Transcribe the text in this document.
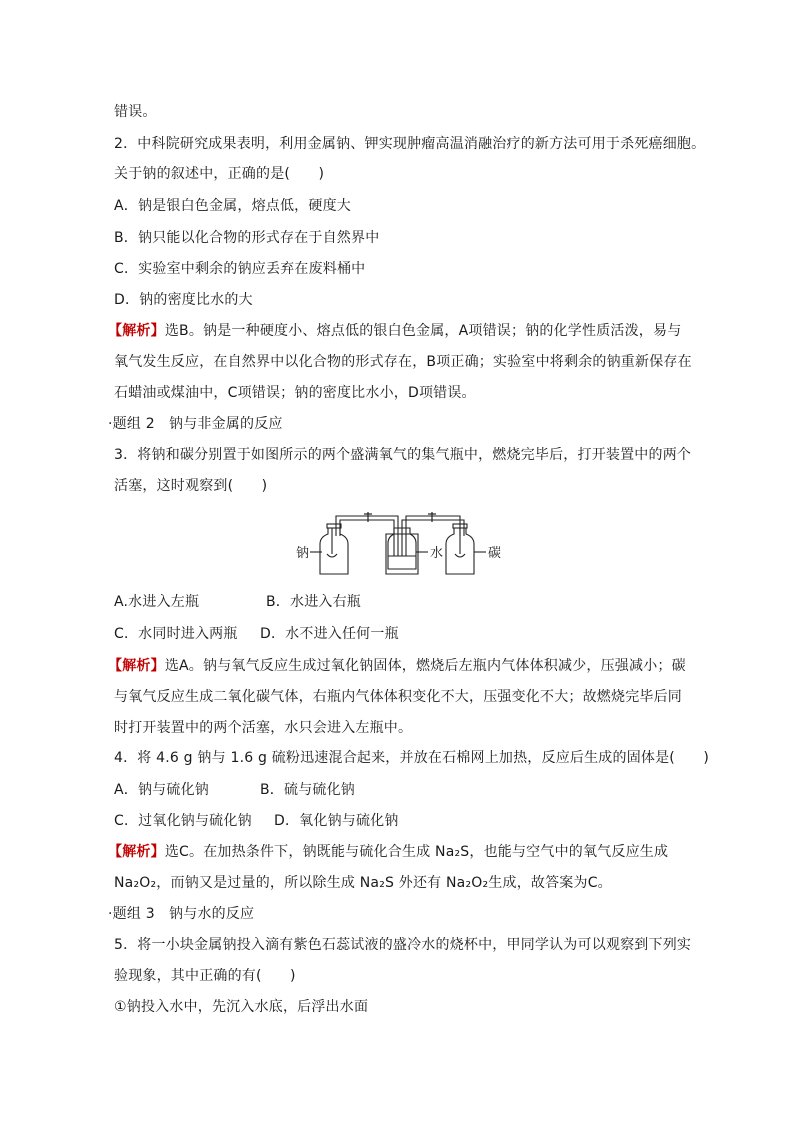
错误。
2．中科院研究成果表明，利用金属钠、钾实现肿瘤高温消融治疗的新方法可用于杀死癌细胞。
关于钠的叙述中，正确的是(　　)
A．钠是银白色金属，熔点低，硬度大
B．钠只能以化合物的形式存在于自然界中
C．实验室中剩余的钠应丢弃在废料桶中
D．钠的密度比水的大
【解析】选B。钠是一种硬度小、熔点低的银白色金属，A项错误；钠的化学性质活泼，易与
氧气发生反应，在自然界中以化合物的形式存在，B项正确；实验室中将剩余的钠重新保存在
石蜡油或煤油中，C项错误；钠的密度比水小，D项错误。
·题组 2　钠与非金属的反应
3．将钠和碳分别置于如图所示的两个盛满氧气的集气瓶中，燃烧完毕后，打开装置中的两个
活塞，这时观察到(　　)
钠	水	碳
A.水进入左瓶	B．水进入右瓶
C．水同时进入两瓶 D．水不进入任何一瓶
【解析】选A。钠与氧气反应生成过氧化钠固体，燃烧后左瓶内气体体积减少，压强减小；碳
与氧气反应生成二氧化碳气体，右瓶内气体体积变化不大，压强变化不大；故燃烧完毕后同
时打开装置中的两个活塞，水只会进入左瓶中。
4．将 4.6 g 钠与 1.6 g 硫粉迅速混合起来，并放在石棉网上加热，反应后生成的固体是(　　)
A．钠与硫化钠	B．硫与硫化钠
C．过氧化钠与硫化钠 D．氧化钠与硫化钠
【解析】选C。在加热条件下，钠既能与硫化合生成 Na₂S，也能与空气中的氧气反应生成
Na₂O₂，而钠又是过量的，所以除生成 Na₂S 外还有 Na₂O₂生成，故答案为C。
·题组 3　钠与水的反应
5．将一小块金属钠投入滴有紫色石蕊试液的盛冷水的烧杯中，甲同学认为可以观察到下列实
验现象，其中正确的有(　　)
①钠投入水中，先沉入水底，后浮出水面
